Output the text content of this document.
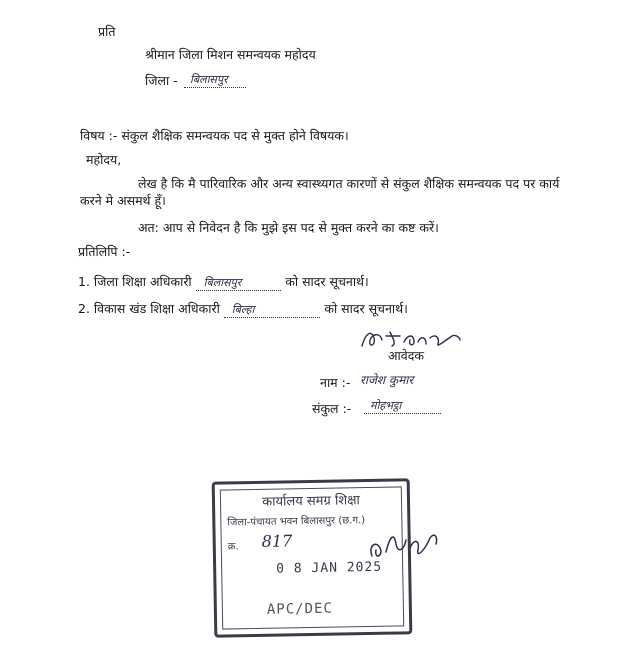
प्रति
श्रीमान जिला मिशन समन्वयक महोदय
जिला -	बिलासपुर
विषय :- संकुल शैक्षिक समन्वयक पद से मुक्त होने विषयक।
महोदय,
लेख है कि मै पारिवारिक और अन्य स्वास्थ्यगत कारणों से संकुल शैक्षिक समन्वयक पद पर कार्य करने मे असमर्थ हूँ।
अत: आप से निवेदन है कि मुझे इस पद से मुक्त करने का कष्ट करें।
प्रतिलिपि :-
1. जिला शिक्षा अधिकारी बिलासपुर	को सादर सूचनार्थ।
2. विकास खंड शिक्षा अधिकारी बिल्हा	को सादर सूचनार्थ।
आवेदक
नाम :- राजेश कुमार
संकुल :-	मोहभट्ठा
कार्यालय समग्र शिक्षा
जिला-पंचायत भवन बिलासपुर (छ.ग.)
क्र. 817
0 8 JAN 2025
APC/DEC
